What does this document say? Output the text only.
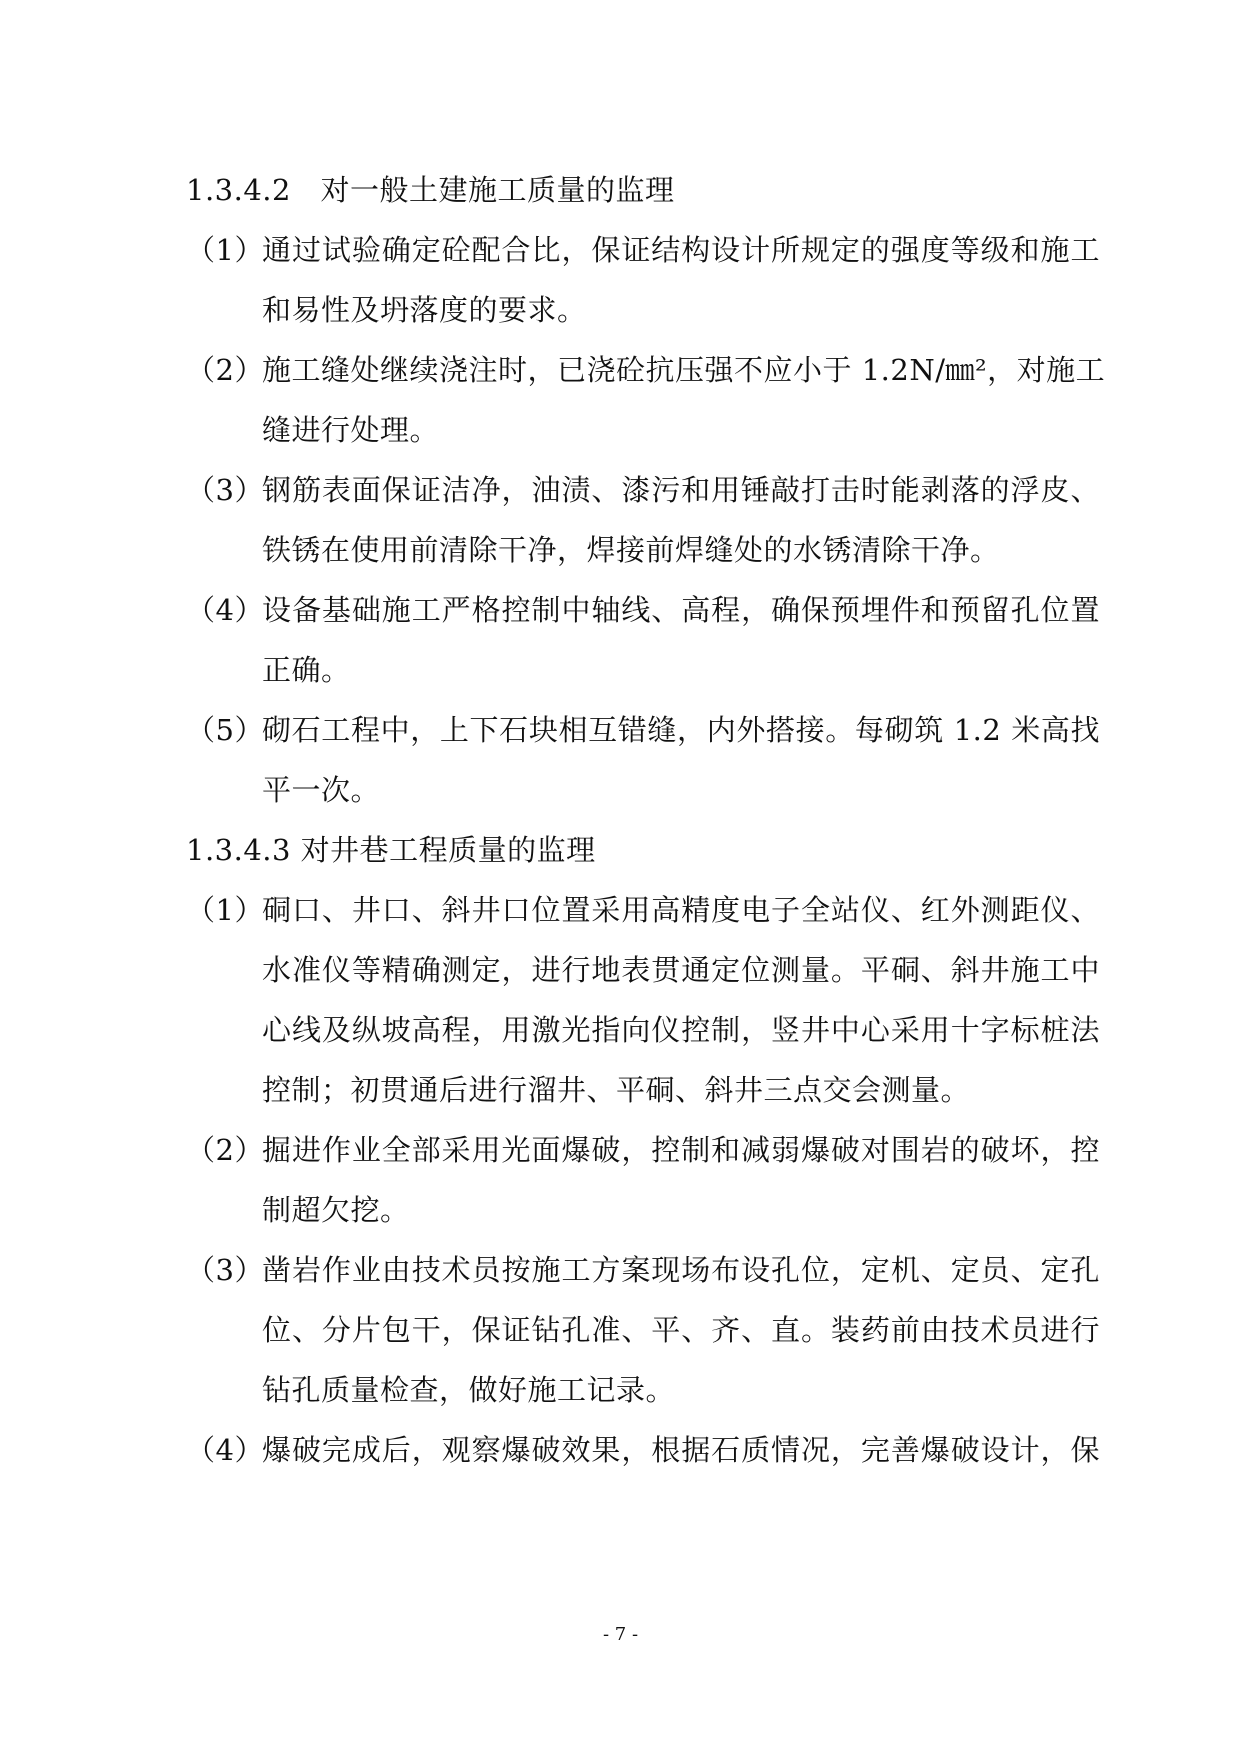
1.3.4.2　对一般土建施工质量的监理
（1）
通过试验确定砼配合比，保证结构设计所规定的强度等级和施工
和易性及坍落度的要求。
（2）
施工缝处继续浇注时，已浇砼抗压强不应小于 1.2N/㎜²，对施工
缝进行处理。
（3）
钢筋表面保证洁净，油渍、漆污和用锤敲打击时能剥落的浮皮、
铁锈在使用前清除干净，焊接前焊缝处的水锈清除干净。
（4）
设备基础施工严格控制中轴线、高程，确保预埋件和预留孔位置
正确。
（5）
砌石工程中，上下石块相互错缝，内外搭接。每砌筑 1.2 米高找
平一次。
1.3.4.3 对井巷工程质量的监理
（1）
硐口、井口、斜井口位置采用高精度电子全站仪、红外测距仪、
水准仪等精确测定，进行地表贯通定位测量。平硐、斜井施工中
心线及纵坡高程，用激光指向仪控制，竖井中心采用十字标桩法
控制；初贯通后进行溜井、平硐、斜井三点交会测量。
（2）
掘进作业全部采用光面爆破，控制和减弱爆破对围岩的破坏，控
制超欠挖。
（3）
凿岩作业由技术员按施工方案现场布设孔位，定机、定员、定孔
位、分片包干，保证钻孔准、平、齐、直。装药前由技术员进行
钻孔质量检查，做好施工记录。
（4）
爆破完成后，观察爆破效果，根据石质情况，完善爆破设计，保
- 7 -
